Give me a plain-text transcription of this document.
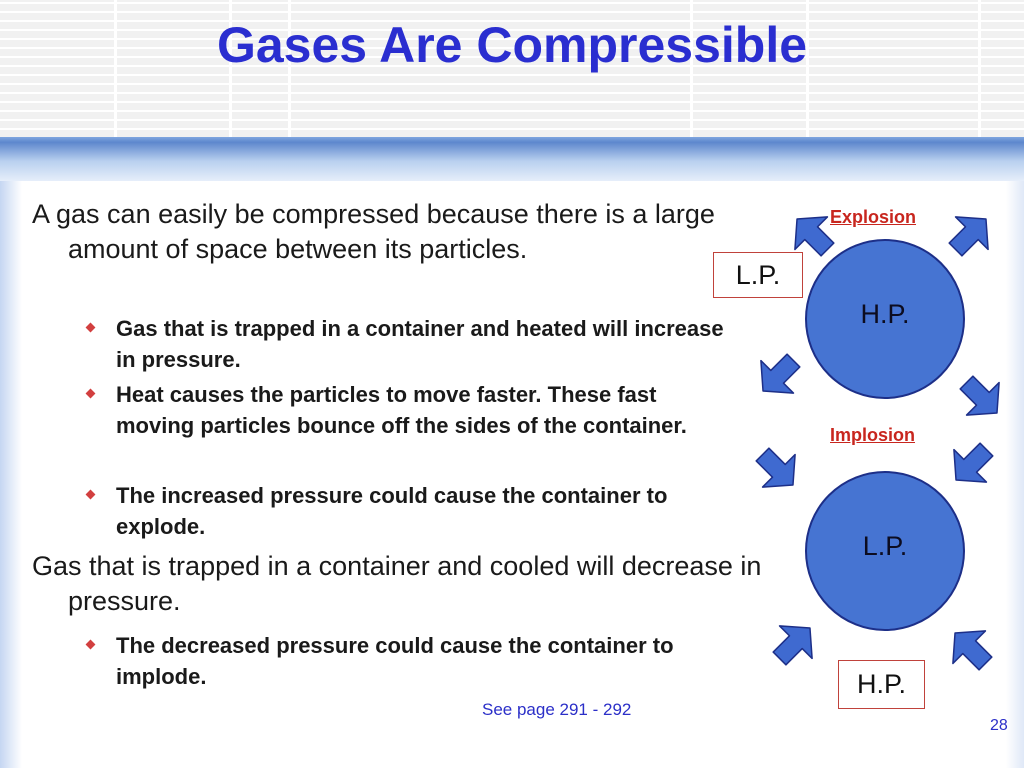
Gases Are Compressible

A gas can easily be compressed because there is a large amount of space between its particles.

Gas that is trapped in a container and heated will increase in pressure.
Heat causes the particles to move faster. These fast moving particles bounce off the sides of the container.
The increased pressure could cause the container to explode.

Gas that is trapped in a container and cooled will decrease in pressure.

The decreased pressure could cause the container to implode.
Explosion
H.P.
L.P.
Implosion
L.P.
H.P.
See page 291 - 292
28
